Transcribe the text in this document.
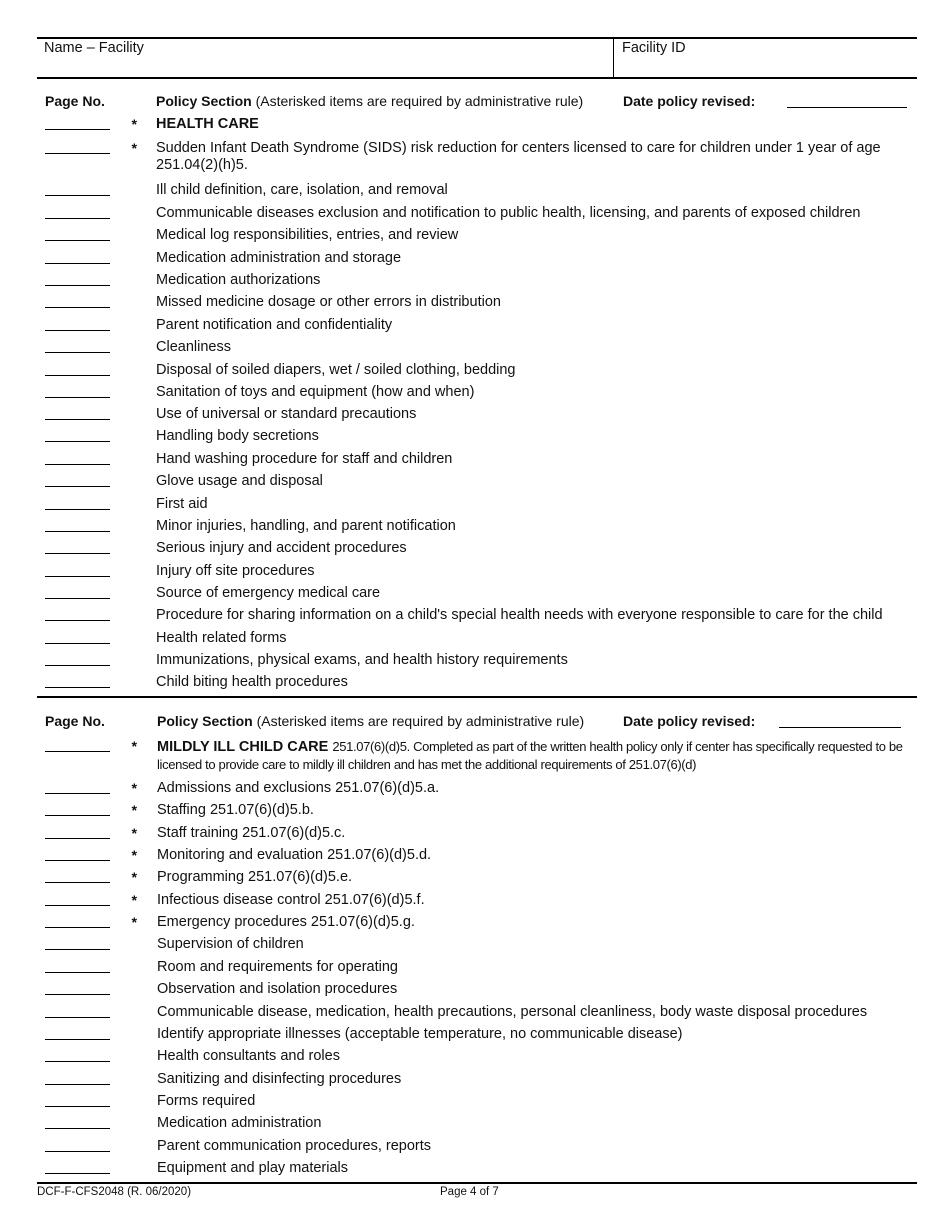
Name – Facility	Facility ID
Page No.	Policy Section (Asterisked items are required by administrative rule)	Date policy revised:
* HEALTH CARE
* Sudden Infant Death Syndrome (SIDS) risk reduction for centers licensed to care for children under 1 year of age 251.04(2)(h)5.
Ill child definition, care, isolation, and removal
Communicable diseases exclusion and notification to public health, licensing, and parents of exposed children
Medical log responsibilities, entries, and review
Medication administration and storage
Medication authorizations
Missed medicine dosage or other errors in distribution
Parent notification and confidentiality
Cleanliness
Disposal of soiled diapers, wet / soiled clothing, bedding
Sanitation of toys and equipment (how and when)
Use of universal or standard precautions
Handling body secretions
Hand washing procedure for staff and children
Glove usage and disposal
First aid
Minor injuries, handling, and parent notification
Serious injury and accident procedures
Injury off site procedures
Source of emergency medical care
Procedure for sharing information on a child's special health needs with everyone responsible to care for the child
Health related forms
Immunizations, physical exams, and health history requirements
Child biting health procedures
Page No.	Policy Section (Asterisked items are required by administrative rule)	Date policy revised:
* MILDLY ILL CHILD CARE 251.07(6)(d)5. Completed as part of the written health policy only if center has specifically requested to be licensed to provide care to mildly ill children and has met the additional requirements of 251.07(6)(d)
* Admissions and exclusions 251.07(6)(d)5.a.
* Staffing 251.07(6)(d)5.b.
* Staff training 251.07(6)(d)5.c.
* Monitoring and evaluation 251.07(6)(d)5.d.
* Programming 251.07(6)(d)5.e.
* Infectious disease control 251.07(6)(d)5.f.
* Emergency procedures 251.07(6)(d)5.g.
Supervision of children
Room and requirements for operating
Observation and isolation procedures
Communicable disease, medication, health precautions, personal cleanliness, body waste disposal procedures
Identify appropriate illnesses (acceptable temperature, no communicable disease)
Health consultants and roles
Sanitizing and disinfecting procedures
Forms required
Medication administration
Parent communication procedures, reports
Equipment and play materials
DCF-F-CFS2048 (R. 06/2020)	Page 4 of 7
